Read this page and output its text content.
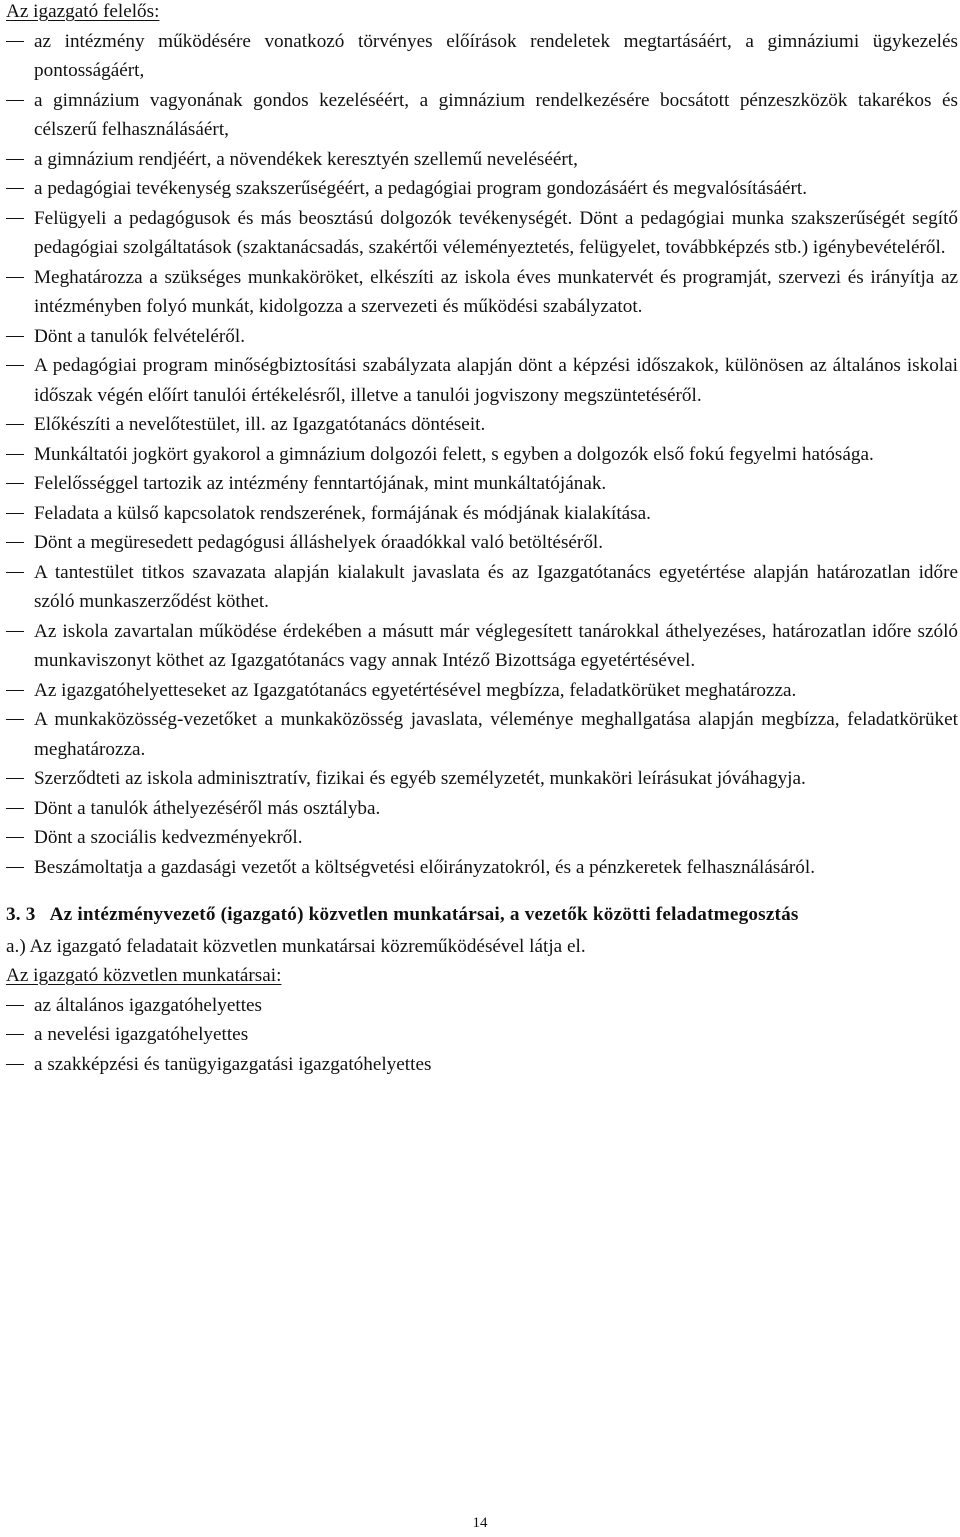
Az igazgató felelős:
az intézmény működésére vonatkozó törvényes előírások rendeletek megtartásáért, a gimnáziumi ügykezelés pontosságáért,
a gimnázium vagyonának gondos kezeléséért, a gimnázium rendelkezésére bocsátott pénzeszközök takarékos és célszerű felhasználásáért,
a gimnázium rendjéért, a növendékek keresztyén szellemű neveléséért,
a pedagógiai tevékenység szakszerűségéért, a pedagógiai program gondozásáért és megvalósításáért.
Felügyeli a pedagógusok és más beosztású dolgozók tevékenységét. Dönt a pedagógiai munka szakszerűségét segítő pedagógiai szolgáltatások (szaktanácsadás, szakértői véleményeztetés, felügyelet, továbbképzés stb.) igénybevételéről.
Meghatározza a szükséges munkaköröket, elkészíti az iskola éves munkatervét és programját, szervezi és irányítja az intézményben folyó munkát, kidolgozza a szervezeti és működési szabályzatot.
Dönt a tanulók felvételéről.
A pedagógiai program minőségbiztosítási szabályzata alapján dönt a képzési időszakok, különösen az általános iskolai időszak végén előírt tanulói értékelésről, illetve a tanulói jogviszony megszüntetéséről.
Előkészíti a nevelőtestület, ill. az Igazgatótanács döntéseit.
Munkáltatói jogkört gyakorol a gimnázium dolgozói felett, s egyben a dolgozók első fokú fegyelmi hatósága.
Felelősséggel tartozik az intézmény fenntartójának, mint munkáltatójának.
Feladata a külső kapcsolatok rendszerének, formájának és módjának kialakítása.
Dönt a megüresedett pedagógusi álláshelyek óraadókkal való betöltéséről.
A tantestület titkos szavazata alapján kialakult javaslata és az Igazgatótanács egyetértése alapján határozatlan időre szóló munkaszerződést köthet.
Az iskola zavartalan működése érdekében a másutt már véglegesített tanárokkal áthelyezéses, határozatlan időre szóló munkaviszonyt köthet az Igazgatótanács vagy annak Intéző Bizottsága egyetértésével.
Az igazgatóhelyetteseket az Igazgatótanács egyetértésével megbízza, feladatkörüket meghatározza.
A munkaközösség-vezetőket a munkaközösség javaslata, véleménye meghallgatása alapján megbízza, feladatkörüket meghatározza.
Szerződteti az iskola adminisztratív, fizikai és egyéb személyzetét, munkaköri leírásukat jóváhagyja.
Dönt a tanulók áthelyezéséről más osztályba.
Dönt a szociális kedvezményekről.
Beszámoltatja a gazdasági vezetőt a költségvetési előirányzatokról, és a pénzkeretek felhasználásáról.
3. 3 Az intézményvezető (igazgató) közvetlen munkatársai, a vezetők közötti feladatmegosztás
a.) Az igazgató feladatait közvetlen munkatársai közreműködésével látja el.
Az igazgató közvetlen munkatársai:
az általános igazgatóhelyettes
a nevelési igazgatóhelyettes
a szakképzési és tanügyigazgatási igazgatóhelyettes
14
